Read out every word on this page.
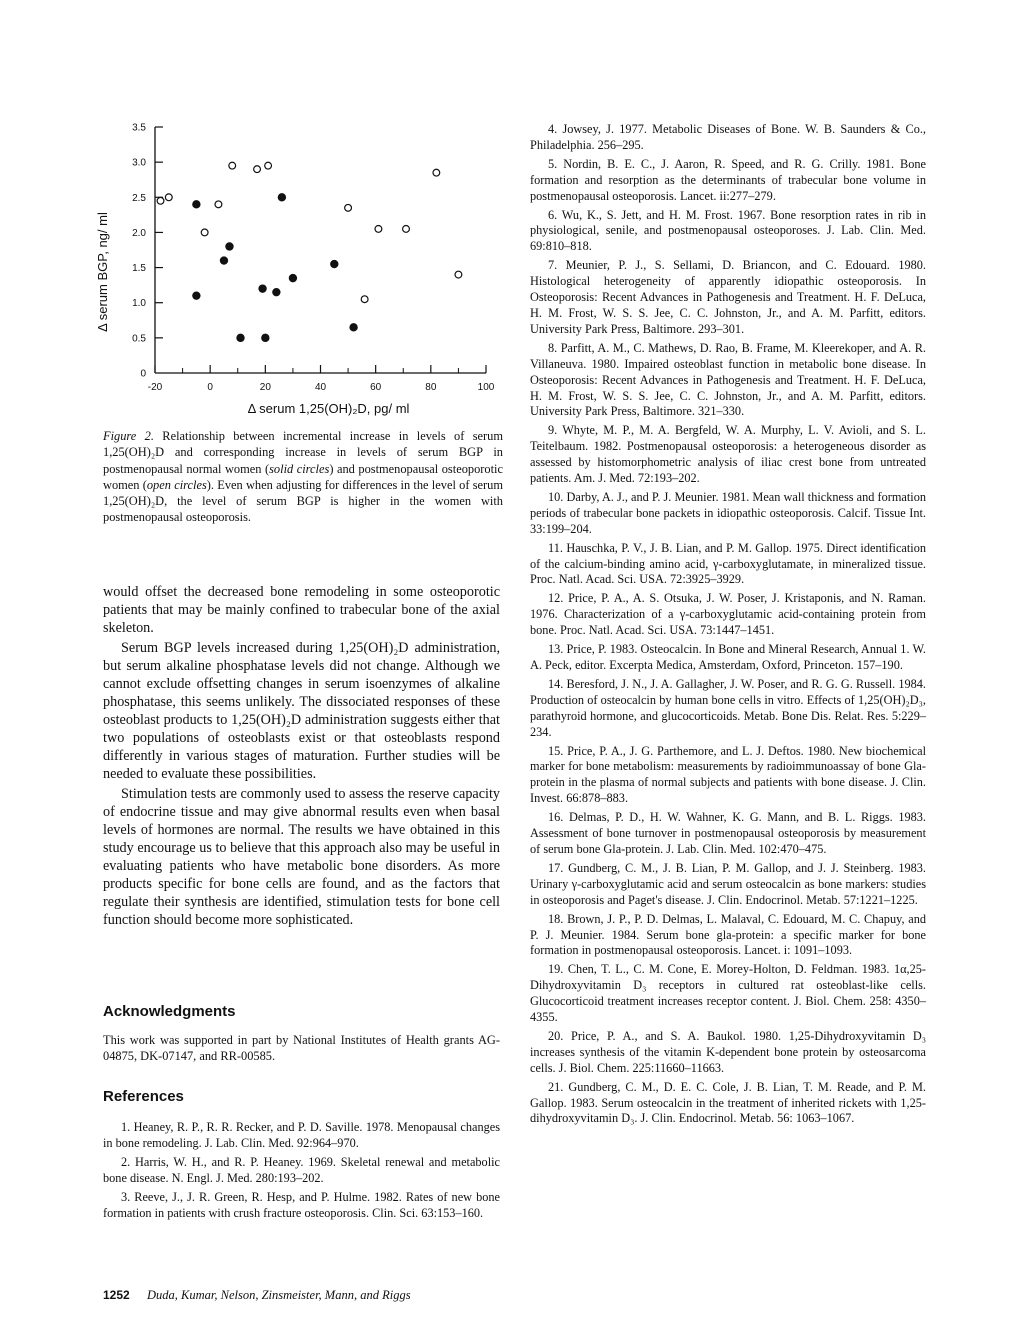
0
0.5
1.0
1.5
2.0
2.5
3.0
3.5
-20	0	20	40	60	80	100
Δ serum 1,25(OH)₂D, pg/ ml
Δ serum BGP, ng/ ml
Figure 2. Relationship between incremental increase in levels of serum 1,25(OH)₂D and corresponding increase in levels of serum BGP in postmenopausal normal women (solid circles) and postmenopausal osteoporotic women (open circles). Even when adjusting for differences in the level of serum 1,25(OH)₂D, the level of serum BGP is higher in the women with postmenopausal osteoporosis.

would offset the decreased bone remodeling in some osteoporotic patients that may be mainly confined to trabecular bone of the axial skeleton.

Serum BGP levels increased during 1,25(OH)₂D administration, but serum alkaline phosphatase levels did not change. Although we cannot exclude offsetting changes in serum isoenzymes of alkaline phosphatase, this seems unlikely. The dissociated responses of these osteoblast products to 1,25(OH)₂D administration suggests either that two populations of osteoblasts exist or that osteoblasts respond differently in various stages of maturation. Further studies will be needed to evaluate these possibilities.

Stimulation tests are commonly used to assess the reserve capacity of endocrine tissue and may give abnormal results even when basal levels of hormones are normal. The results we have obtained in this study encourage us to believe that this approach also may be useful in evaluating patients who have metabolic bone disorders. As more products specific for bone cells are found, and as the factors that regulate their synthesis are identified, stimulation tests for bone cell function should become more sophisticated.

Acknowledgments
This work was supported in part by National Institutes of Health grants AG-04875, DK-07147, and RR-00585.
References

1. Heaney, R. P., R. R. Recker, and P. D. Saville. 1978. Menopausal changes in bone remodeling. J. Lab. Clin. Med. 92:964–970.

2. Harris, W. H., and R. P. Heaney. 1969. Skeletal renewal and metabolic bone disease. N. Engl. J. Med. 280:193–202.

3. Reeve, J., J. R. Green, R. Hesp, and P. Hulme. 1982. Rates of new bone formation in patients with crush fracture osteoporosis. Clin. Sci. 63:153–160.

4. Jowsey, J. 1977. Metabolic Diseases of Bone. W. B. Saunders & Co., Philadelphia. 256–295.

5. Nordin, B. E. C., J. Aaron, R. Speed, and R. G. Crilly. 1981. Bone formation and resorption as the determinants of trabecular bone volume in postmenopausal osteoporosis. Lancet. ii:277–279.

6. Wu, K., S. Jett, and H. M. Frost. 1967. Bone resorption rates in rib in physiological, senile, and postmenopausal osteoporoses. J. Lab. Clin. Med. 69:810–818.

7. Meunier, P. J., S. Sellami, D. Briancon, and C. Edouard. 1980. Histological heterogeneity of apparently idiopathic osteoporosis. In Osteoporosis: Recent Advances in Pathogenesis and Treatment. H. F. DeLuca, H. M. Frost, W. S. S. Jee, C. C. Johnston, Jr., and A. M. Parfitt, editors. University Park Press, Baltimore. 293–301.

8. Parfitt, A. M., C. Mathews, D. Rao, B. Frame, M. Kleerekoper, and A. R. Villaneuva. 1980. Impaired osteoblast function in metabolic bone disease. In Osteoporosis: Recent Advances in Pathogenesis and Treatment. H. F. DeLuca, H. M. Frost, W. S. S. Jee, C. C. Johnston, Jr., and A. M. Parfitt, editors. University Park Press, Baltimore. 321–330.

9. Whyte, M. P., M. A. Bergfeld, W. A. Murphy, L. V. Avioli, and S. L. Teitelbaum. 1982. Postmenopausal osteoporosis: a heterogeneous disorder as assessed by histomorphometric analysis of iliac crest bone from untreated patients. Am. J. Med. 72:193–202.

10. Darby, A. J., and P. J. Meunier. 1981. Mean wall thickness and formation periods of trabecular bone packets in idiopathic osteoporosis. Calcif. Tissue Int. 33:199–204.

11. Hauschka, P. V., J. B. Lian, and P. M. Gallop. 1975. Direct identification of the calcium-binding amino acid, γ-carboxyglutamate, in mineralized tissue. Proc. Natl. Acad. Sci. USA. 72:3925–3929.

12. Price, P. A., A. S. Otsuka, J. W. Poser, J. Kristaponis, and N. Raman. 1976. Characterization of a γ-carboxyglutamic acid-containing protein from bone. Proc. Natl. Acad. Sci. USA. 73:1447–1451.

13. Price, P. 1983. Osteocalcin. In Bone and Mineral Research, Annual 1. W. A. Peck, editor. Excerpta Medica, Amsterdam, Oxford, Princeton. 157–190.

14. Beresford, J. N., J. A. Gallagher, J. W. Poser, and R. G. G. Russell. 1984. Production of osteocalcin by human bone cells in vitro. Effects of 1,25(OH)₂D₃, parathyroid hormone, and glucocorticoids. Metab. Bone Dis. Relat. Res. 5:229–234.

15. Price, P. A., J. G. Parthemore, and L. J. Deftos. 1980. New biochemical marker for bone metabolism: measurements by radioimmunoassay of bone Gla-protein in the plasma of normal subjects and patients with bone disease. J. Clin. Invest. 66:878–883.

16. Delmas, P. D., H. W. Wahner, K. G. Mann, and B. L. Riggs. 1983. Assessment of bone turnover in postmenopausal osteoporosis by measurement of serum bone Gla-protein. J. Lab. Clin. Med. 102:470–475.

17. Gundberg, C. M., J. B. Lian, P. M. Gallop, and J. J. Steinberg. 1983. Urinary γ-carboxyglutamic acid and serum osteocalcin as bone markers: studies in osteoporosis and Paget's disease. J. Clin. Endocrinol. Metab. 57:1221–1225.

18. Brown, J. P., P. D. Delmas, L. Malaval, C. Edouard, M. C. Chapuy, and P. J. Meunier. 1984. Serum bone gla-protein: a specific marker for bone formation in postmenopausal osteoporosis. Lancet. i: 1091–1093.

19. Chen, T. L., C. M. Cone, E. Morey-Holton, D. Feldman. 1983. 1α,25-Dihydroxyvitamin D₃ receptors in cultured rat osteoblast-like cells. Glucocorticoid treatment increases receptor content. J. Biol. Chem. 258: 4350–4355.

20. Price, P. A., and S. A. Baukol. 1980. 1,25-Dihydroxyvitamin D₃ increases synthesis of the vitamin K-dependent bone protein by osteosarcoma cells. J. Biol. Chem. 225:11660–11663.

21. Gundberg, C. M., D. E. C. Cole, J. B. Lian, T. M. Reade, and P. M. Gallop. 1983. Serum osteocalcin in the treatment of inherited rickets with 1,25-dihydroxyvitamin D₃. J. Clin. Endocrinol. Metab. 56: 1063–1067.

1252 Duda, Kumar, Nelson, Zinsmeister, Mann, and Riggs
